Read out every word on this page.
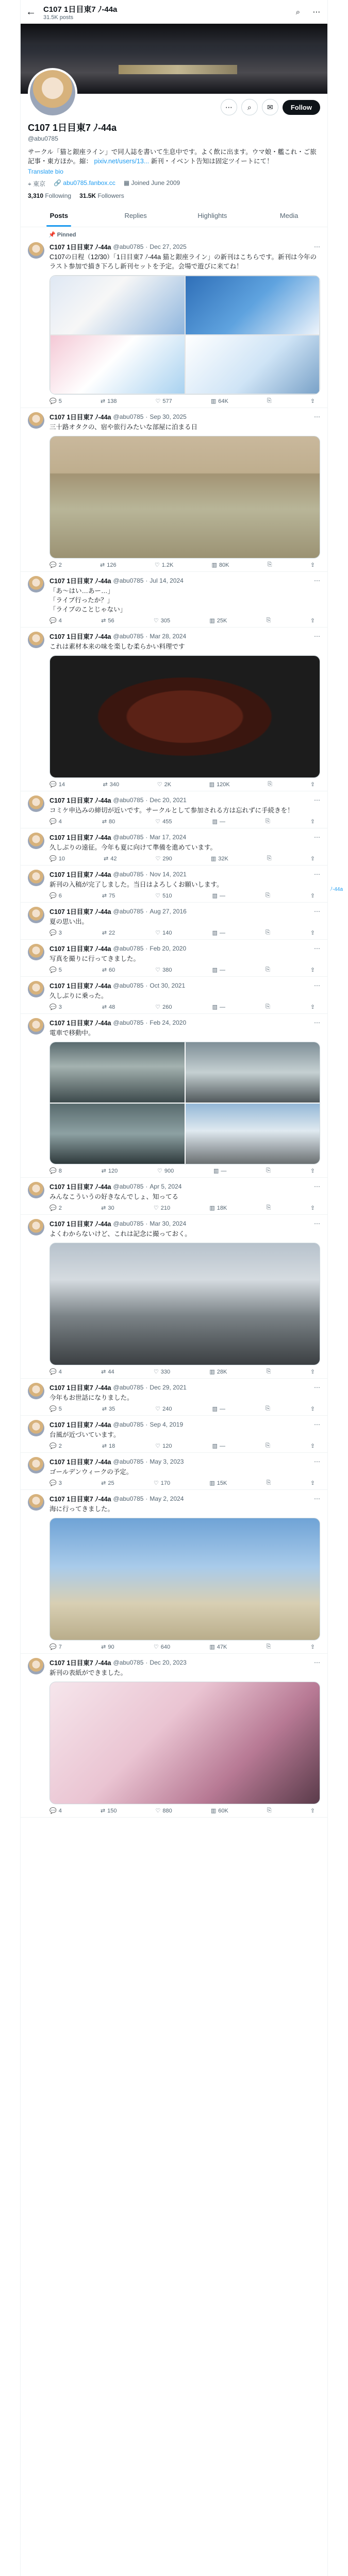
ﾉ-44a
← C107 1日目東7 ﾉ-44a
31.5K posts
⌕	⋯
⋯	⌕	✉	Follow
C107 1日目東7 ﾉ-44a
@abu0785
サークル「猫と銀座ライン」で同人誌を書いて生息中です。よく飲に出ます。ウマ娘・艦これ・ご旅記事・東方ほか。縮： pixiv.net/users/13... 新刊・イベント告知は固定ツイートにて！
Translate bio
⌖ 東京 🔗 abu0785.fanbox.cc ▦ Joined June 2009
3,310 Following 31.5K Followers
Posts	Replies	Highlights	Media
📌 Pinned
C107 1日目東7 ﾉ-44a @abu0785 · Dec 27, 2025	⋯
C107の日程（12/30）「1日目東7 ﾉ-44a 猫と銀座ライン」の新刊はこちらです。新刊は今年のラスト参加で描き下ろし新刊セットを予定。会場で遊びに来てね！
💬 5	⇄ 138	♡ 577	▥ 64K	⎘	⇪
C107 1日目東7 ﾉ-44a @abu0785 · Sep 30, 2025	⋯
三十路オタクの、宿や旅行みたいな部屋に泊まる日
💬 2	⇄ 126	♡ 1.2K	▥ 80K	⎘	⇪
C107 1日目東7 ﾉ-44a @abu0785 · Jul 14, 2024	⋯
「あ〜はい…あー…」
「ライブ行ったか？」
「ライブのことじゃない」
💬 4	⇄ 56	♡ 305	▥ 25K	⎘	⇪
C107 1日目東7 ﾉ-44a @abu0785 · Mar 28, 2024	⋯
これは素材本来の味を楽しむ柔らかい料理です
💬 14	⇄ 340	♡ 2K	▥ 120K	⎘	⇪
C107 1日目東7 ﾉ-44a @abu0785 · Dec 20, 2021	⋯
コミケ申込みの締切が近いです。サークルとして参加される方は忘れずに手続きを！
💬 4	⇄ 80	♡ 455	▥ —	⎘	⇪
C107 1日目東7 ﾉ-44a @abu0785 · Mar 17, 2024	⋯
久しぶりの遠征。今年も夏に向けて準備を進めています。
💬 10	⇄ 42	♡ 290	▥ 32K	⎘	⇪
C107 1日目東7 ﾉ-44a @abu0785 · Nov 14, 2021	⋯
新刊の入稿が完了しました。当日はよろしくお願いします。
💬 6	⇄ 75	♡ 510	▥ —	⎘	⇪
C107 1日目東7 ﾉ-44a @abu0785 · Aug 27, 2016	⋯
夏の思い出。
💬 3	⇄ 22	♡ 140	▥ —	⎘	⇪
C107 1日目東7 ﾉ-44a @abu0785 · Feb 20, 2020	⋯
写真を撮りに行ってきました。
💬 5	⇄ 60	♡ 380	▥ —	⎘	⇪
C107 1日目東7 ﾉ-44a @abu0785 · Oct 30, 2021	⋯
久しぶりに乗った。
💬 3	⇄ 48	♡ 260	▥ —	⎘	⇪
C107 1日目東7 ﾉ-44a @abu0785 · Feb 24, 2020	⋯
電車で移動中。
💬 8	⇄ 120	♡ 900	▥ —	⎘	⇪
C107 1日目東7 ﾉ-44a @abu0785 · Apr 5, 2024	⋯
みんなこういうの好きなんでしょ、知ってる
💬 2	⇄ 30	♡ 210	▥ 18K	⎘	⇪
C107 1日目東7 ﾉ-44a @abu0785 · Mar 30, 2024	⋯
よくわからないけど、これは記念に撮っておく。
💬 4	⇄ 44	♡ 330	▥ 28K	⎘	⇪
C107 1日目東7 ﾉ-44a @abu0785 · Dec 29, 2021	⋯
今年もお世話になりました。
💬 5	⇄ 35	♡ 240	▥ —	⎘	⇪
C107 1日目東7 ﾉ-44a @abu0785 · Sep 4, 2019	⋯
台風が近づいています。
💬 2	⇄ 18	♡ 120	▥ —	⎘	⇪
C107 1日目東7 ﾉ-44a @abu0785 · May 3, 2023	⋯
ゴールデンウィークの予定。
💬 3	⇄ 25	♡ 170	▥ 15K	⎘	⇪
C107 1日目東7 ﾉ-44a @abu0785 · May 2, 2024	⋯
海に行ってきました。
💬 7	⇄ 90	♡ 640	▥ 47K	⎘	⇪
C107 1日目東7 ﾉ-44a @abu0785 · Dec 20, 2023	⋯
新刊の表紙ができました。
💬 4	⇄ 150	♡ 880	▥ 60K	⎘	⇪
